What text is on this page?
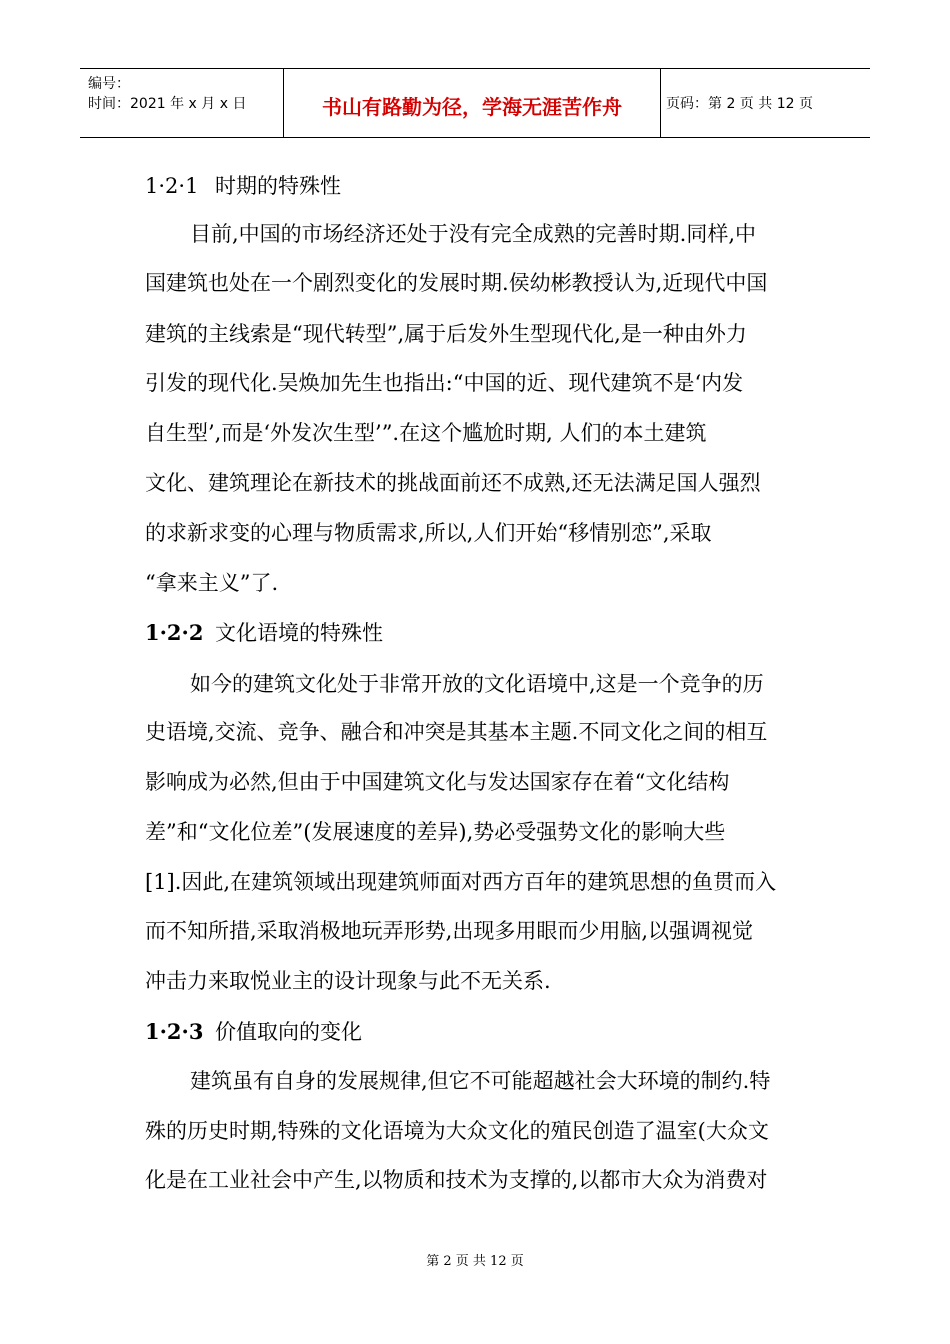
编号：
时间：2021 年 x 月 x 日	书山有路勤为径，学海无涯苦作舟	页码：第 2 页 共 12 页
1·2·1 时期的特殊性
目前,中国的市场经济还处于没有完全成熟的完善时期.同样,中
国建筑也处在一个剧烈变化的发展时期.侯幼彬教授认为,近现代中国
建筑的主线索是“现代转型”,属于后发外生型现代化,是一种由外力
引发的现代化.吴焕加先生也指出:“中国的近、现代建筑不是‘内发
自生型’,而是‘外发次生型’”.在这个尴尬时期, 人们的本土建筑
文化、建筑理论在新技术的挑战面前还不成熟,还无法满足国人强烈
的求新求变的心理与物质需求,所以,人们开始“移情别恋”,采取
“拿来主义”了.
1·2·2 文化语境的特殊性
如今的建筑文化处于非常开放的文化语境中,这是一个竞争的历
史语境,交流、竞争、融合和冲突是其基本主题.不同文化之间的相互
影响成为必然,但由于中国建筑文化与发达国家存在着“文化结构
差”和“文化位差”(发展速度的差异),势必受强势文化的影响大些
[1].因此,在建筑领域出现建筑师面对西方百年的建筑思想的鱼贯而入
而不知所措,采取消极地玩弄形势,出现多用眼而少用脑,以强调视觉
冲击力来取悦业主的设计现象与此不无关系.
1·2·3 价值取向的变化
建筑虽有自身的发展规律,但它不可能超越社会大环境的制约.特
殊的历史时期,特殊的文化语境为大众文化的殖民创造了温室(大众文
化是在工业社会中产生,以物质和技术为支撑的,以都市大众为消费对
第 2 页 共 12 页
